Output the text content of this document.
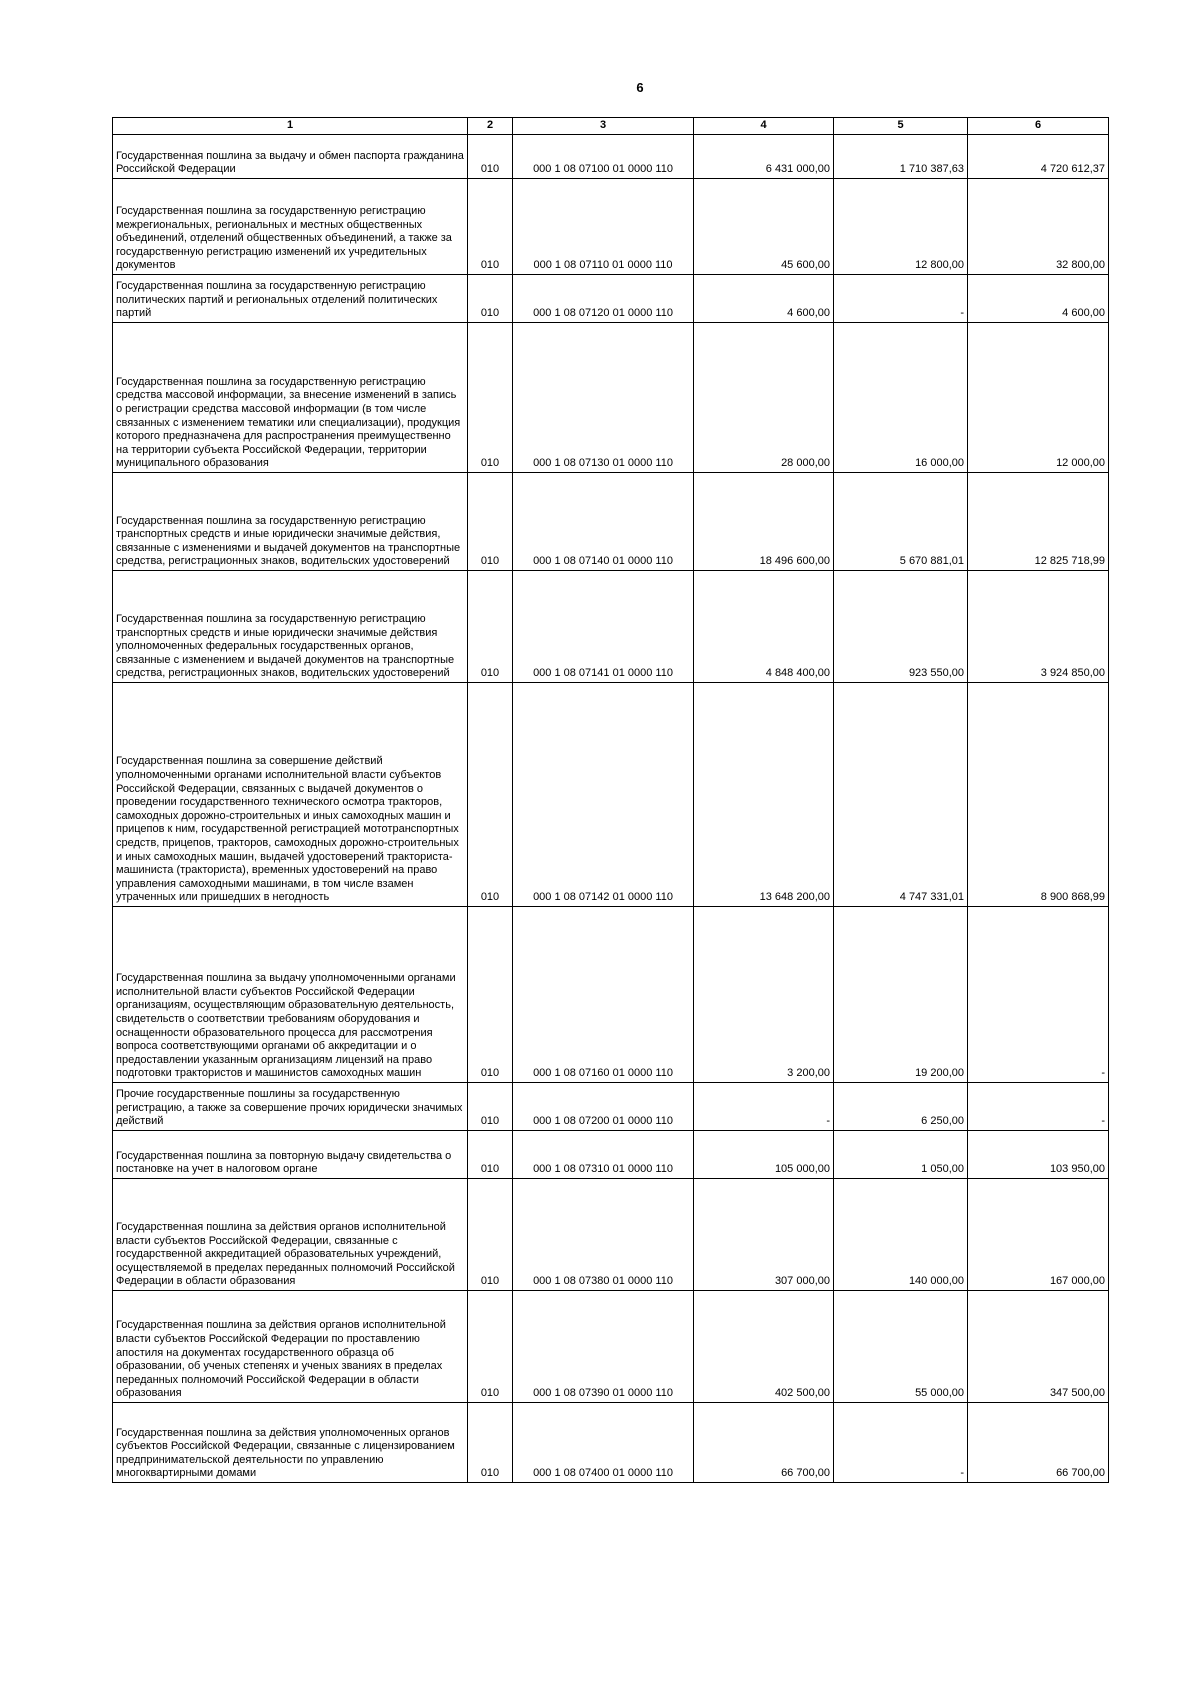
6
1	2	3	4	5	6
Государственная пошлина за выдачу и обмен паспорта гражданина Российской Федерации	010	000 1 08 07100 01 0000 110	6 431 000,00	1 710 387,63	4 720 612,37
Государственная пошлина за государственную регистрацию межрегиональных, региональных и местных общественных объединений, отделений общественных объединений, а также за государственную регистрацию изменений их учредительных документов	010	000 1 08 07110 01 0000 110	45 600,00	12 800,00	32 800,00
Государственная пошлина за государственную регистрацию политических партий и региональных отделений политических партий	010	000 1 08 07120 01 0000 110	4 600,00	-	4 600,00
Государственная пошлина за государственную регистрацию средства массовой информации, за внесение изменений в запись о регистрации средства массовой информации (в том числе связанных с изменением тематики или специализации), продукция которого предназначена для распространения преимущественно на территории субъекта Российской Федерации, территории муниципального образования	010	000 1 08 07130 01 0000 110	28 000,00	16 000,00	12 000,00
Государственная пошлина за государственную регистрацию транспортных средств и иные юридически значимые действия, связанные с изменениями и выдачей документов на транспортные средства, регистрационных знаков, водительских удостоверений	010	000 1 08 07140 01 0000 110	18 496 600,00	5 670 881,01	12 825 718,99
Государственная пошлина за государственную регистрацию транспортных средств и иные юридически значимые действия уполномоченных федеральных государственных органов, связанные с изменением и выдачей документов на транспортные средства, регистрационных знаков, водительских удостоверений	010	000 1 08 07141 01 0000 110	4 848 400,00	923 550,00	3 924 850,00
Государственная пошлина за совершение действий уполномоченными органами исполнительной власти субъектов Российской Федерации, связанных с выдачей документов о проведении государственного технического осмотра тракторов, самоходных дорожно-строительных и иных самоходных машин и прицепов к ним, государственной регистрацией мототранспортных средств, прицепов, тракторов, самоходных дорожно-строительных и иных самоходных машин, выдачей удостоверений тракториста-машиниста (тракториста), временных удостоверений на право управления самоходными машинами, в том числе взамен утраченных или пришедших в негодность	010	000 1 08 07142 01 0000 110	13 648 200,00	4 747 331,01	8 900 868,99
Государственная пошлина за выдачу уполномоченными органами исполнительной власти субъектов Российской Федерации организациям, осуществляющим образовательную деятельность, свидетельств о соответствии требованиям оборудования и оснащенности образовательного процесса для рассмотрения вопроса соответствующими органами об аккредитации и о предоставлении указанным организациям лицензий на право подготовки трактористов и машинистов самоходных машин	010	000 1 08 07160 01 0000 110	3 200,00	19 200,00	-
Прочие государственные пошлины за государственную регистрацию, а также за совершение прочих юридически значимых действий	010	000 1 08 07200 01 0000 110	-	6 250,00	-
Государственная пошлина за повторную выдачу свидетельства о постановке на учет в налоговом органе	010	000 1 08 07310 01 0000 110	105 000,00	1 050,00	103 950,00
Государственная пошлина за действия органов исполнительной власти субъектов Российской Федерации, связанные с государственной аккредитацией образовательных учреждений, осуществляемой в пределах переданных полномочий Российской Федерации в области образования	010	000 1 08 07380 01 0000 110	307 000,00	140 000,00	167 000,00
Государственная пошлина за действия органов исполнительной власти субъектов Российской Федерации по проставлению апостиля на документах государственного образца об образовании, об ученых степенях и ученых званиях в пределах переданных полномочий Российской Федерации в области образования	010	000 1 08 07390 01 0000 110	402 500,00	55 000,00	347 500,00
Государственная пошлина за действия уполномоченных органов субъектов Российской Федерации, связанные с лицензированием предпринимательской деятельности по управлению многоквартирными домами	010	000 1 08 07400 01 0000 110	66 700,00	-	66 700,00
